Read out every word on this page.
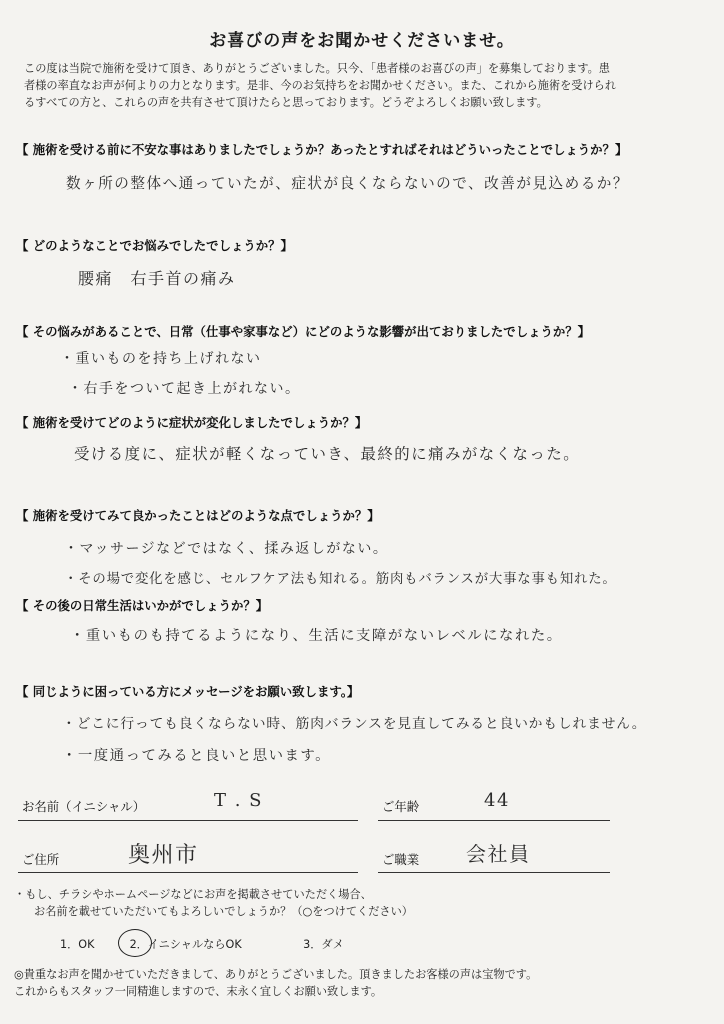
お喜びの声をお聞かせくださいませ。
この度は当院で施術を受けて頂き、ありがとうございました。只今、「患者様のお喜びの声」を募集しております。患
者様の率直なお声が何よりの力となります。是非、今のお気持ちをお聞かせください。また、これから施術を受けられ
るすべての方と、これらの声を共有させて頂けたらと思っております。どうぞよろしくお願い致します。
【 施術を受ける前に不安な事はありましたでしょうか？あったとすればそれはどういったことでしょうか？】
数ヶ所の整体へ通っていたが、症状が良くならないので、改善が見込めるか？
【 どのようなことでお悩みでしたでしょうか？】
腰痛　右手首の痛み
【 その悩みがあることで、日常（仕事や家事など）にどのような影響が出ておりましたでしょうか？】
・重いものを持ち上げれない
・右手をついて起き上がれない。
【 施術を受けてどのように症状が変化しましたでしょうか？】
受ける度に、症状が軽くなっていき、最終的に痛みがなくなった。
【 施術を受けてみて良かったことはどのような点でしょうか？】
・マッサージなどではなく、揉み返しがない。
・その場で変化を感じ、セルフケア法も知れる。筋肉もバランスが大事な事も知れた。
【 その後の日常生活はいかがでしょうか？】
・重いものも持てるようになり、生活に支障がないレベルになれた。
【 同じように困っている方にメッセージをお願い致します。】
・どこに行っても良くならない時、筋肉バランスを見直してみると良いかもしれません。
・一度通ってみると良いと思います。
お名前（イニシャル）	T . S	ご年齢	44
ご住所	奥州市	ご職業 会社員
・もし、チラシやホームページなどにお声を掲載させていただく場合、
お名前を載せていただいてもよろしいでしょうか？（○をつけてください）
1．OK	2．イニシャルならOK	3．ダメ
◎貴重なお声を聞かせていただきまして、ありがとうございました。頂きましたお客様の声は宝物です。
これからもスタッフ一同精進しますので、末永く宜しくお願い致します。
